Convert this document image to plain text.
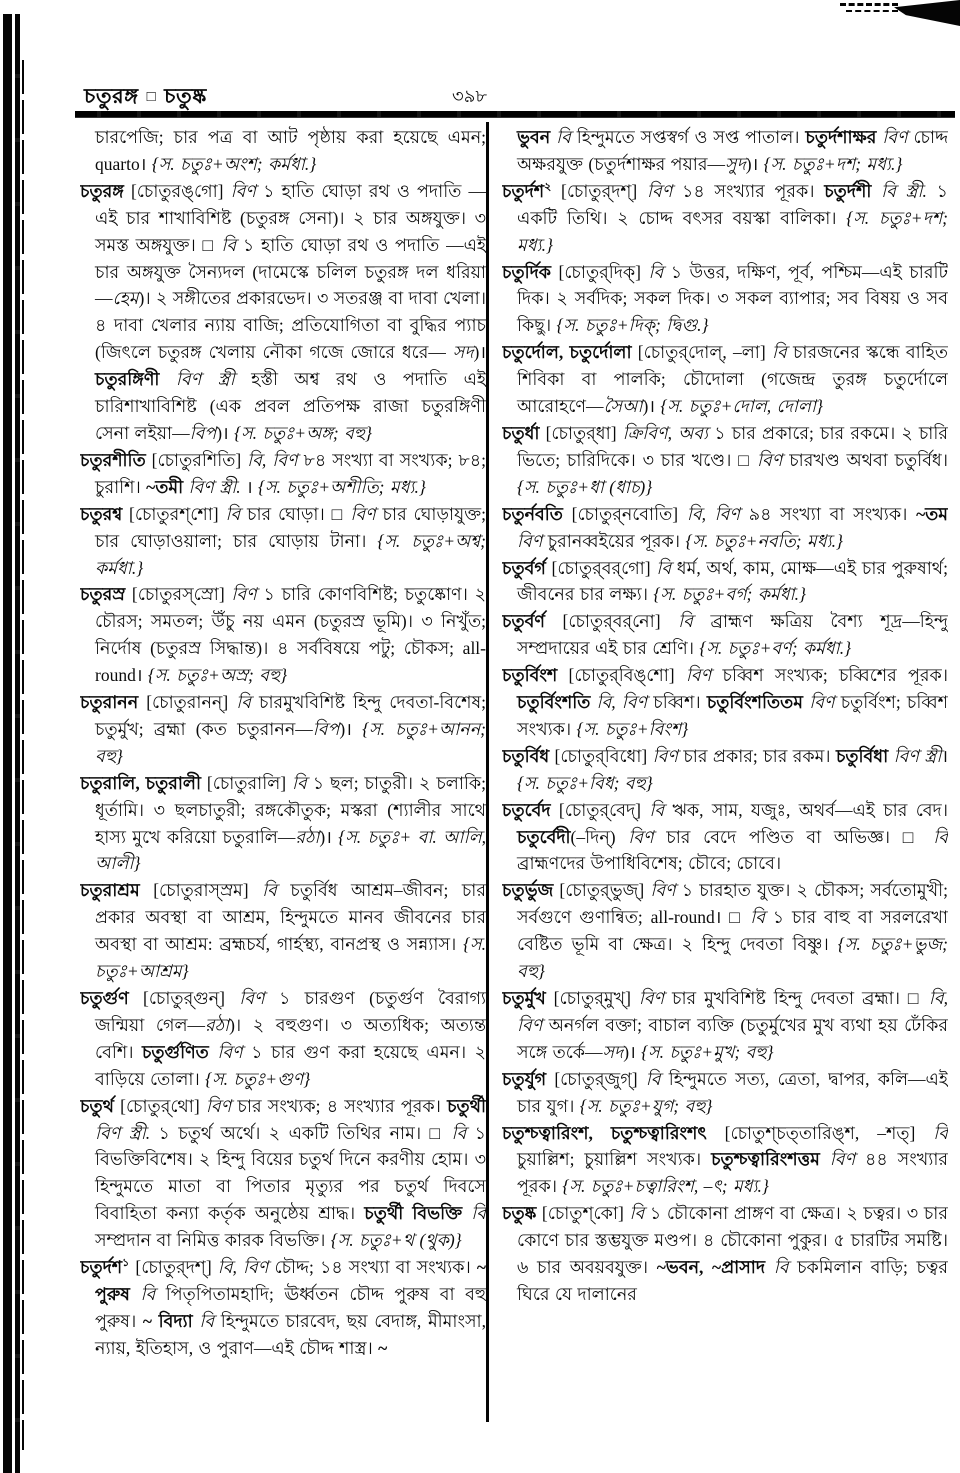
চতুরঙ্গ □ চতুষ্ক	৩৯৮
চারপেজি; চার পত্র বা আট পৃষ্ঠায় করা হয়েছে এমন; quarto। {স. চতুঃ+অংশ; কর্মধা.}
চতুরঙ্গ [চোতুরঙ্‌গো] বিণ ১ হাতি ঘোড়া রথ ও পদাতি —এই চার শাখাবিশিষ্ট (চতুরঙ্গ সেনা)। ২ চার অঙ্গযুক্ত। ৩ সমস্ত অঙ্গযুক্ত। □ বি ১ হাতি ঘোড়া রথ ও পদাতি —এই চার অঙ্গযুক্ত সৈন্যদল (দামেস্কে চলিল চতুরঙ্গ দল ধরিয়া—হেম)। ২ সঙ্গীতের প্রকারভেদ। ৩ সতরঞ্জ বা দাবা খেলা। ৪ দাবা খেলার ন্যায় বাজি; প্রতিযোগিতা বা বুদ্ধির প্যাচ (জিৎলে চতুরঙ্গ খেলায় নৌকা গজে জোরে ধরে— সদ)। চতুরঙ্গিণী বিণ স্ত্রী হস্তী অশ্ব রথ ও পদাতি এই চারিশাখাবিশিষ্ট (এক প্রবল প্রতিপক্ষ রাজা চতুরঙ্গিণী সেনা লইয়া—বিপ)। {স. চতুঃ+অঙ্গ; বহু}
চতুরশীতি [চোতুরশিতি] বি, বিণ ৮৪ সংখ্যা বা সংখ্যক; ৮৪; চুরাশি। ~তমী বিণ স্ত্রী. । {স. চতুঃ+অশীতি; মধ্য.}
চতুরশ্ব [চোতুরশ্‌শো] বি চার ঘোড়া। □ বিণ চার ঘোড়াযুক্ত; চার ঘোড়াওয়ালা; চার ঘোড়ায় টানা। {স. চতুঃ+অশ্ব; কর্মধা.}
চতুরস্র [চোতুরস্‌স্রো] বিণ ১ চারি কোণবিশিষ্ট; চতুষ্কোণ। ২ চৌরস; সমতল; উঁচু নয় এমন (চতুরস্র ভূমি)। ৩ নিখুঁত; নির্দোষ (চতুরস্র সিদ্ধান্ত)। ৪ সর্ববিষয়ে পটু; চৌকস; all-round। {স. চতুঃ+অস্র; বহু}
চতুরানন [চোতুরানন্] বি চারমুখবিশিষ্ট হিন্দু দেবতা-বিশেষ; চতুর্মুখ; ব্রহ্মা (কত চতুরানন—বিপ)। {স. চতুঃ+আনন; বহু}
চতুরালি, চতুরালী [চোতুরালি] বি ১ ছল; চাতুরী। ২ চলাকি; ধূর্তামি। ৩ ছলচাতুরী; রঙ্গকৌতুক; মস্করা (শ্যালীর সাথে হাস্য মুখে করিয়ো চতুরালি—রঠা)। {স. চতুঃ+ বা. আলি, আলী}
চতুরাশ্রম [চোতুরাস্‌স্রম] বি চতুর্বিধ আশ্রম–জীবন; চার প্রকার অবস্থা বা আশ্রম, হিন্দুমতে মানব জীবনের চার অবস্থা বা আশ্রম: ব্রহ্মচর্য, গার্হস্থ্য, বানপ্রস্থ ও সন্ন্যাস। {স. চতুঃ+আশ্রম}
চতুর্গুণ [চোতুর্‌গুন্] বিণ ১ চারগুণ (চতুর্গুণ বৈরাগ্য জন্মিয়া গেল—রঠা)। ২ বহুগুণ। ৩ অত্যধিক; অত্যন্ত বেশি। চতুর্গুণিত বিণ ১ চার গুণ করা হয়েছে এমন। ২ বাড়িয়ে তোলা। {স. চতুঃ+গুণ}
চতুর্থ [চোতুর্‌থো] বিণ চার সংখ্যক; ৪ সংখ্যার পূরক। চতুর্থী বিণ স্ত্রী. ১ চতুর্থ অর্থে। ২ একটি তিথির নাম। □ বি ১ বিভক্তিবিশেষ। ২ হিন্দু বিয়ের চতুর্থ দিনে করণীয় হোম। ৩ হিন্দুমতে মাতা বা পিতার মৃত্যুর পর চতুর্থ দিবসে বিবাহিতা কন্যা কর্তৃক অনুষ্ঠেয় শ্রাদ্ধ। চতুর্থী বিভক্তি বি সম্প্রদান বা নিমিত্ত কারক বিভক্তি। {স. চতুঃ+থ (থুক)}
চতুর্দশ$^১$ [চোতুর্‌দশ্] বি, বিণ চৌদ্দ; ১৪ সংখ্যা বা সংখ্যক। ~ পুরুষ বি পিতৃপিতামহাদি; ঊর্ধ্বতন চৌদ্দ পুরুষ বা বহু পুরুষ। ~ বিদ্যা বি হিন্দুমতে চারবেদ, ছয় বেদাঙ্গ, মীমাংসা, ন্যায়, ইতিহাস, ও পুরাণ—এই চৌদ্দ শাস্ত্র। ~
ভুবন বি হিন্দুমতে সপ্তস্বর্গ ও সপ্ত পাতাল। চতুর্দশাক্ষর বিণ চোদ্দ অক্ষরযুক্ত (চতুর্দশাক্ষর পয়ার—সুদ)। {স. চতুঃ+দশ; মধ্য.}
চতুর্দশ$^২$ [চোতুর্‌দশ্] বিণ ১৪ সংখ্যার পূরক। চতুর্দশী বি স্ত্রী. ১ একটি তিথি। ২ চোদ্দ বৎসর বয়স্কা বালিকা। {স. চতুঃ+দশ; মধ্য.}
চতুর্দিক [চোতুর্‌দিক্] বি ১ উত্তর, দক্ষিণ, পূর্ব, পশ্চিম—এই চারটি দিক। ২ সর্বদিক; সকল দিক। ৩ সকল ব্যাপার; সব বিষয় ও সব কিছু। {স. চতুঃ+দিক্; দ্বিগু.}
চতুর্দোল, চতুর্দোলা [চোতুর্‌দোল্, –লা] বি চারজনের স্কন্ধে বাহিত শিবিকা বা পালকি; চৌদোলা (গজেন্দ্র তুরঙ্গ চতুর্দোলে আরোহণে—সৈআ)। {স. চতুঃ+দোল, দোলা}
চতুর্ধা [চোতুর্‌ধা] ক্রিবিণ, অব্য ১ চার প্রকারে; চার রকমে। ২ চারি ভিতে; চারিদিকে। ৩ চার খণ্ডে। □ বিণ চারখণ্ড অথবা চতুর্বিধ। {স. চতুঃ+ধা (ধাচ)}
চতুর্নবতি [চোতুর্‌নবোতি] বি, বিণ ৯৪ সংখ্যা বা সংখ্যক। ~তম বিণ চুরানব্বইয়ের পূরক। {স. চতুঃ+নবতি; মধ্য.}
চতুর্বর্গ [চোতুর্‌বর্‌গো] বি ধর্ম, অর্থ, কাম, মোক্ষ—এই চার পুরুষার্থ; জীবনের চার লক্ষ্য। {স. চতুঃ+বর্গ; কর্মধা.}
চতুর্বর্ণ [চোতুর্‌বর্‌নো] বি ব্রাহ্মণ ক্ষত্রিয় বৈশ্য শূদ্র—হিন্দু সম্প্রদায়ের এই চার শ্রেণি। {স. চতুঃ+বর্ণ; কর্মধা.}
চতুর্বিংশ [চোতুর্‌বিঙ্‌শো] বিণ চব্বিশ সংখ্যক; চব্বিশের পূরক। চতুর্বিংশতি বি, বিণ চব্বিশ। চতুর্বিংশতিতম বিণ চতুর্বিংশ; চব্বিশ সংখ্যক। {স. চতুঃ+বিংশ}
চতুর্বিধ [চোতুর্‌বিধো] বিণ চার প্রকার; চার রকম। চতুর্বিধা বিণ স্ত্রী। {স. চতুঃ+বিধ; বহু}
চতুর্বেদ [চোতুর্‌বেদ্] বি ঋক, সাম, যজুঃ, অথর্ব—এই চার বেদ। চতুর্বেদী(–দিন্) বিণ চার বেদে পণ্ডিত বা অভিজ্ঞ। □ বি ব্রাহ্মণদের উপাধিবিশেষ; চৌবে; চোবে।
চতুর্ভুজ [চোতুর্‌ভুজ্] বিণ ১ চারহাত যুক্ত। ২ চৌকস; সর্বতোমুখী; সর্বগুণে গুণান্বিত; all-round। □ বি ১ চার বাহু বা সরলরেখা বেষ্টিত ভূমি বা ক্ষেত্র। ২ হিন্দু দেবতা বিষ্ণু। {স. চতুঃ+ভুজ; বহু}
চতুর্মুখ [চোতুর্‌মুখ্] বিণ চার মুখবিশিষ্ট হিন্দু দেবতা ব্রহ্মা। □ বি, বিণ অনর্গল বক্তা; বাচাল ব্যক্তি (চতুর্মুখের মুখ ব্যথা হয় ঢেঁকির সঙ্গে তর্কে—সদ)। {স. চতুঃ+মুখ; বহু}
চতুর্যুগ [চোতুর্‌জুগ্] বি হিন্দুমতে সত্য, ত্রেতা, দ্বাপর, কলি—এই চার যুগ। {স. চতুঃ+যুগ; বহু}
চতুশ্চত্বারিংশ, চতুশ্চত্বারিংশৎ [চোতুশ্‌চত্‌তারিঙ্‌শ, –শত্] বি চুয়াল্লিশ; চুয়াল্লিশ সংখ্যক। চতুশ্চত্বারিংশত্তম বিণ ৪৪ সংখ্যার পূরক। {স. চতুঃ+চত্বারিংশ, –ৎ; মধ্য.}
চতুষ্ক [চোতুশ্‌কো] বি ১ চৌকোনা প্রাঙ্গণ বা ক্ষেত্র। ২ চত্বর। ৩ চার কোণে চার স্তম্ভযুক্ত মণ্ডপ। ৪ চৌকোনা পুকুর। ৫ চারটির সমষ্টি। ৬ চার অবয়বযুক্ত। ~ভবন, ~প্রাসাদ বি চকমিলান বাড়ি; চত্বর ঘিরে যে দালানের
